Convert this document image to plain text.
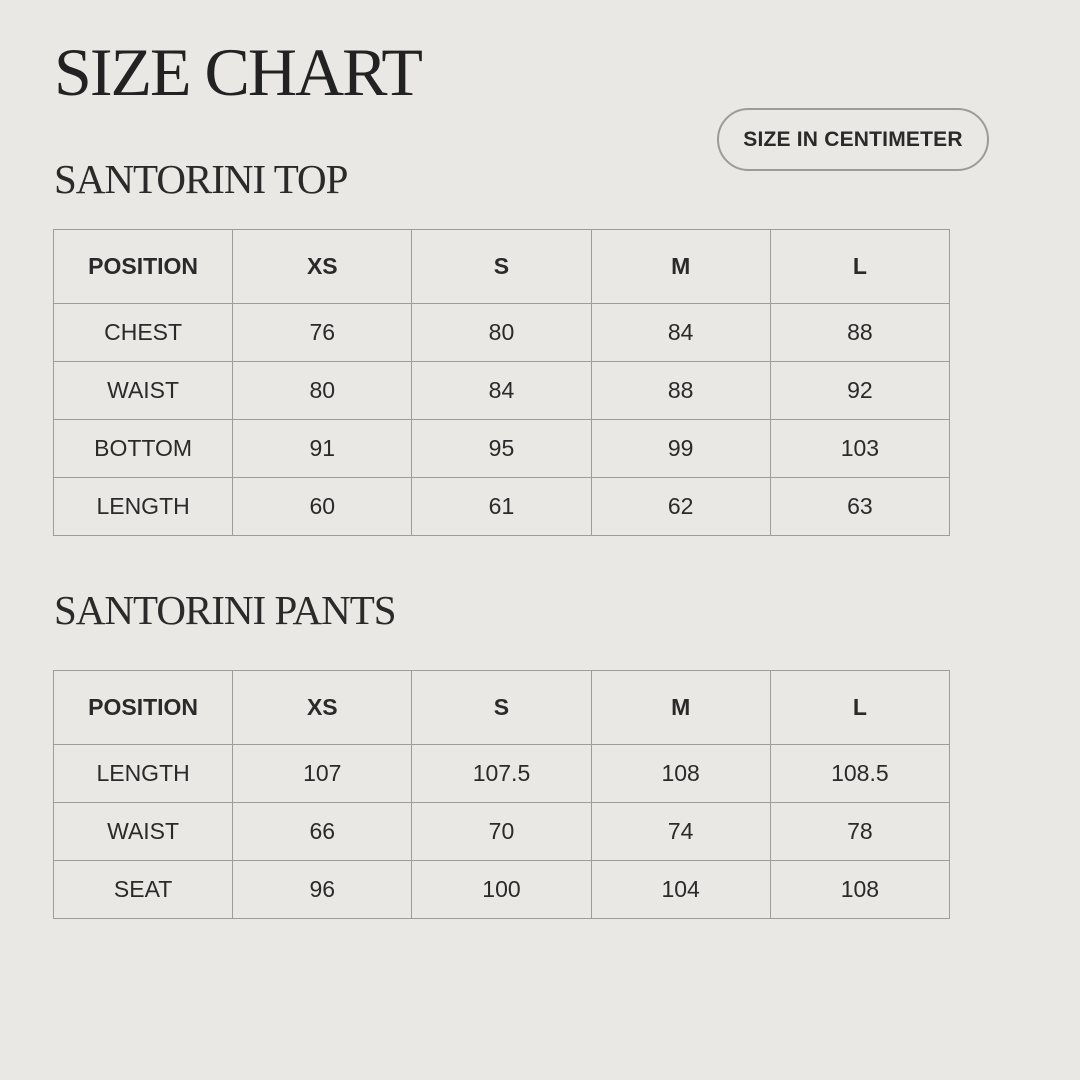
SIZE CHART
SIZE IN CENTIMETER
SANTORINI TOP
POSITION	XS	S	M	L
CHEST	76	80	84	88
WAIST	80	84	88	92
BOTTOM	91	95	99	103
LENGTH	60	61	62	63
SANTORINI PANTS
POSITION	XS	S	M	L
LENGTH	107	107.5	108	108.5
WAIST	66	70	74	78
SEAT	96	100	104	108
